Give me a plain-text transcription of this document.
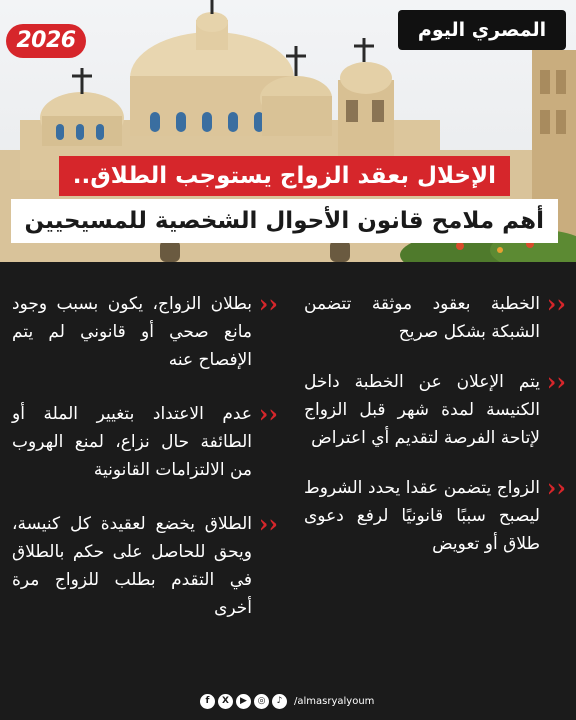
2026	المصري اليوم
الإخلال بعقد الزواج يستوجب الطلاق..
أهم ملامح قانون الأحوال الشخصية للمسيحيين
‹‹
الخطبة بعقود موثقة تتضمن الشبكة بشكل صريح
‹‹
يتم الإعلان عن الخطبة داخل الكنيسة لمدة شهر قبل الزواج لإتاحة الفرصة لتقديم أي اعتراض
‹‹
الزواج يتضمن عقدا يحدد الشروط ليصبح سببًا قانونيًا لرفع دعوى طلاق أو تعويض
‹‹
بطلان الزواج، يكون بسبب وجود مانع صحي أو قانوني لم يتم الإفصاح عنه
‹‹
عدم الاعتداد بتغيير الملة أو الطائفة حال نزاع، لمنع الهروب من الالتزامات القانونية
‹‹
الطلاق يخضع لعقيدة كل كنيسة، ويحق للحاصل على حكم بالطلاق في التقدم بطلب للزواج مرة أخرى
f	X	▶	◎	♪	/almasryalyoum
